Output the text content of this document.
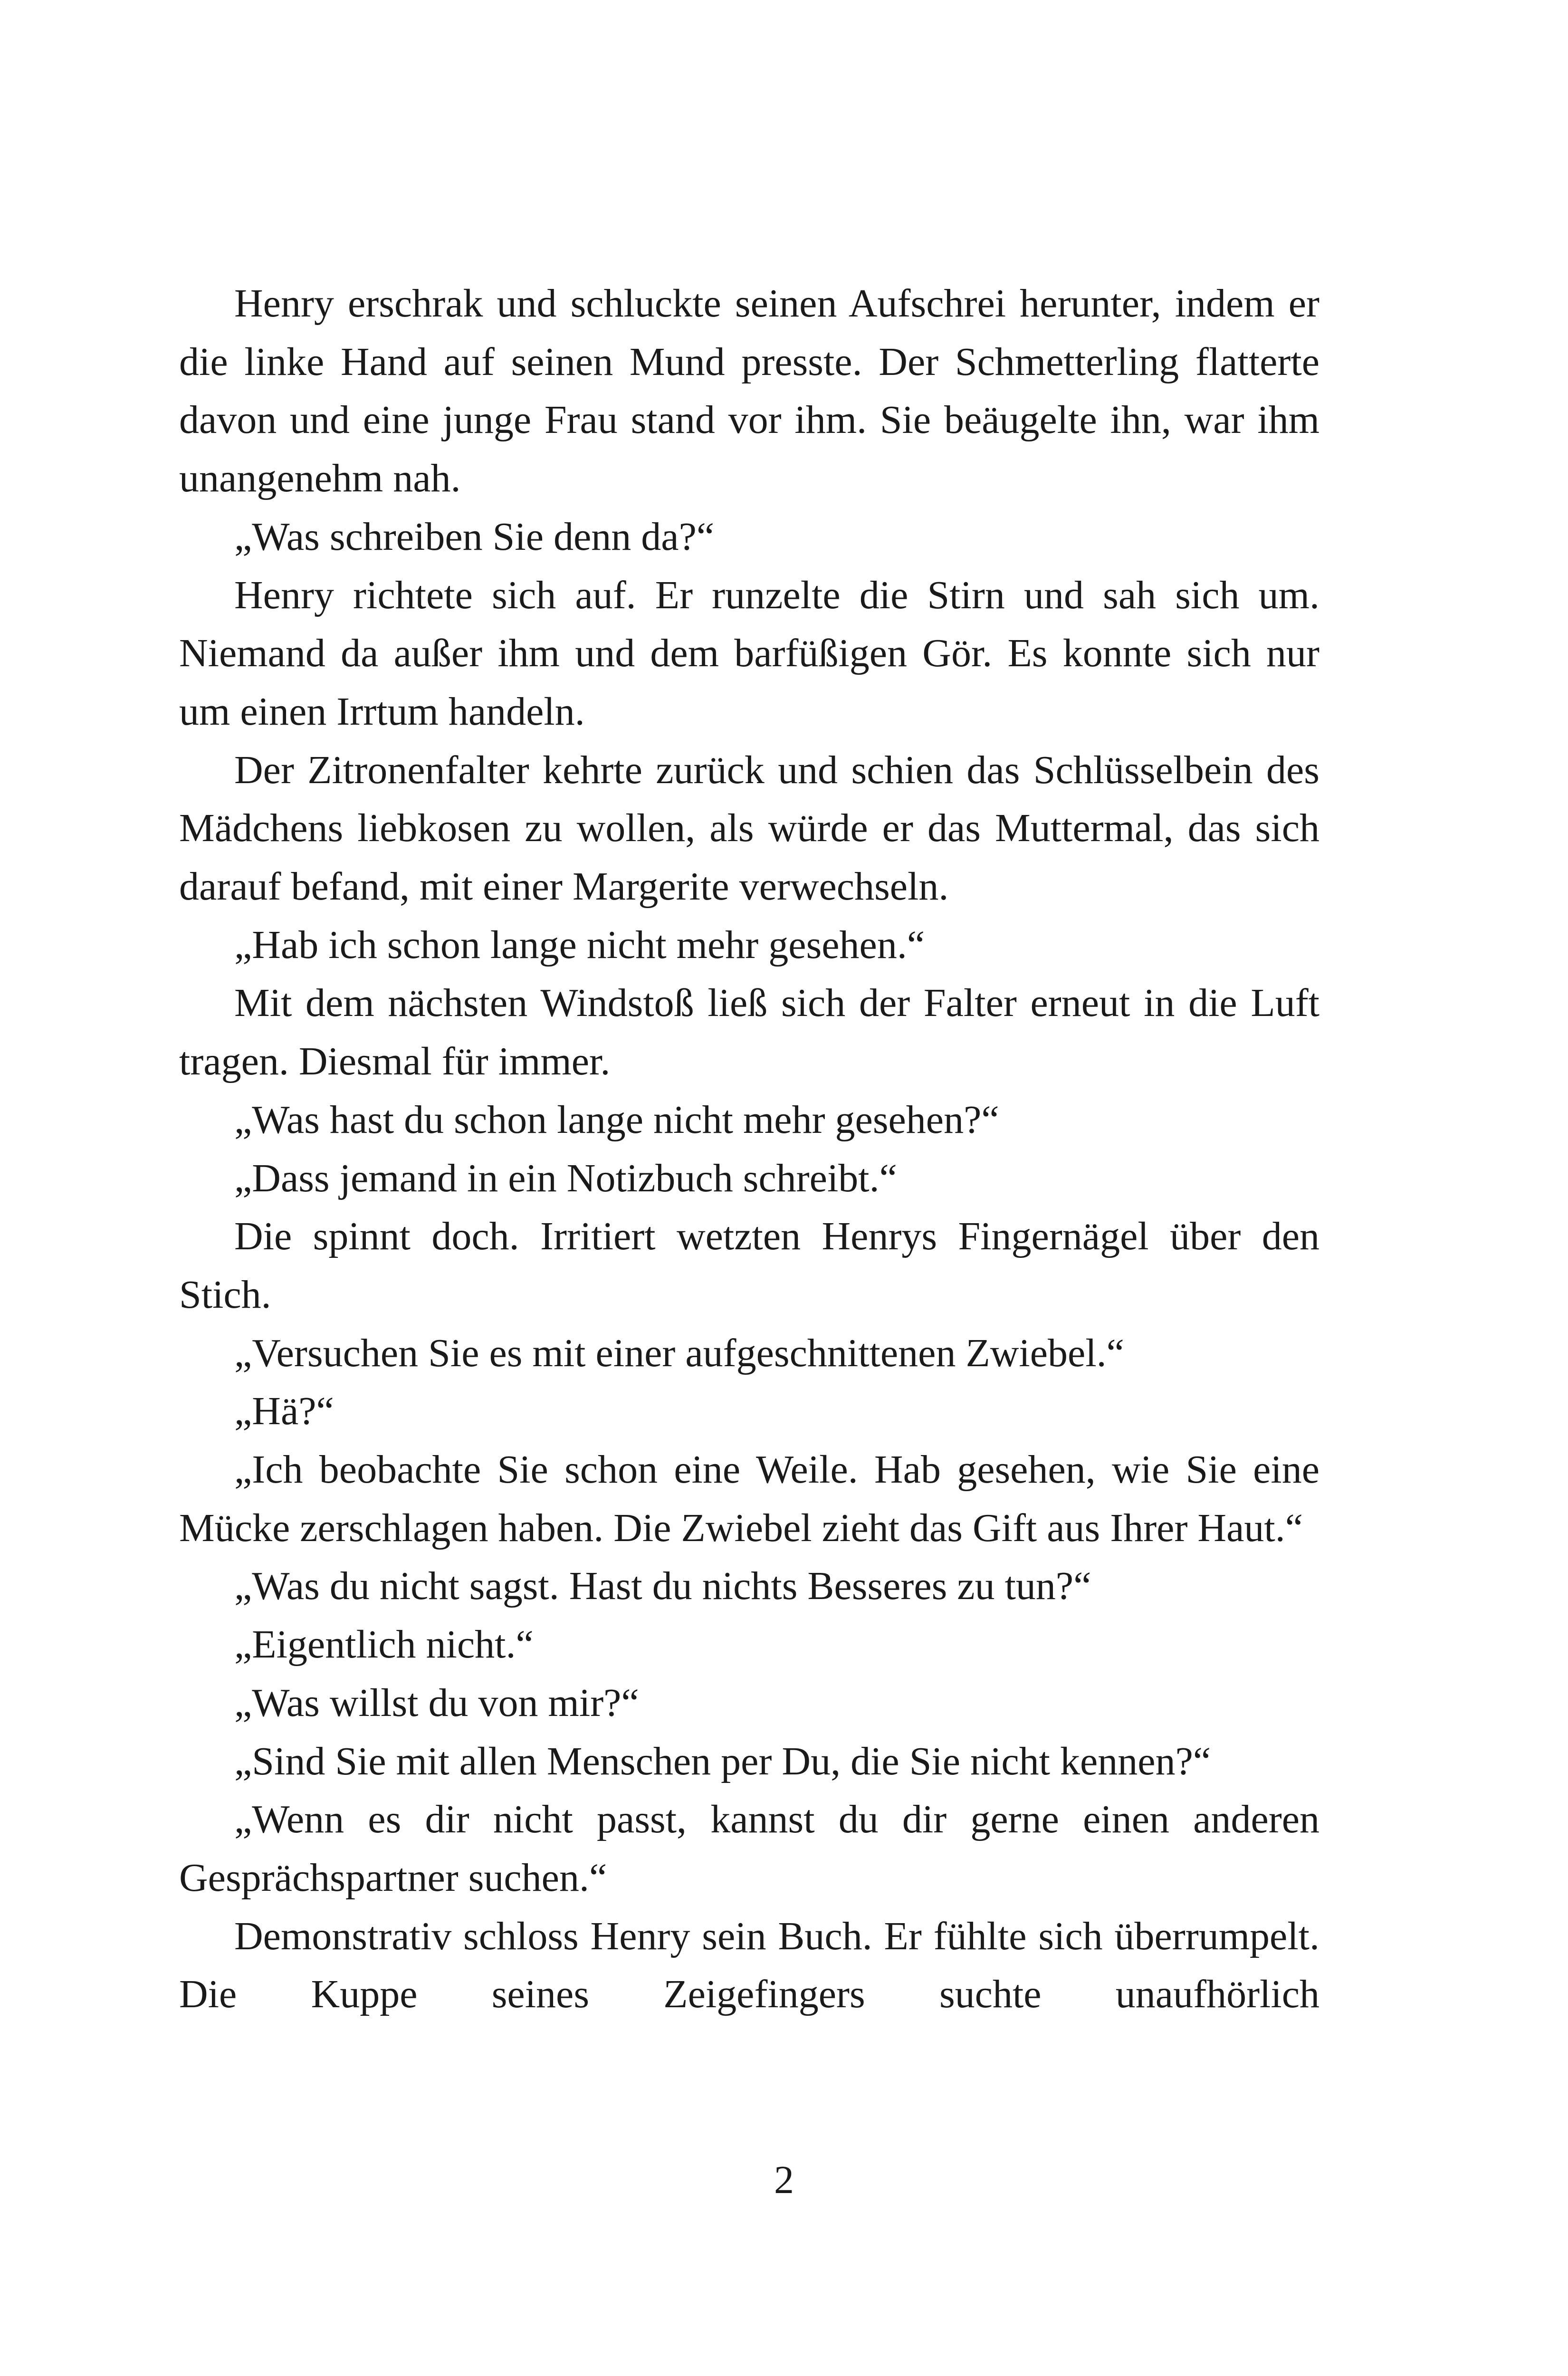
Henry erschrak und schluckte seinen Aufschrei herunter, indem er die linke Hand auf seinen Mund presste. Der Schmetterling flatterte davon und eine junge Frau stand vor ihm. Sie beäugelte ihn, war ihm unangenehm nah.

„Was schreiben Sie denn da?“

Henry richtete sich auf. Er runzelte die Stirn und sah sich um. Niemand da außer ihm und dem barfüßigen Gör. Es konnte sich nur um einen Irrtum handeln.

Der Zitronenfalter kehrte zurück und schien das Schlüsselbein des Mädchens liebkosen zu wollen, als würde er das Muttermal, das sich darauf befand, mit einer Margerite verwechseln.

„Hab ich schon lange nicht mehr gesehen.“

Mit dem nächsten Windstoß ließ sich der Falter erneut in die Luft tragen. Diesmal für immer.

„Was hast du schon lange nicht mehr gesehen?“

„Dass jemand in ein Notizbuch schreibt.“

Die spinnt doch. Irritiert wetzten Henrys Fingernägel über den Stich.

„Versuchen Sie es mit einer aufgeschnittenen Zwiebel.“

„Hä?“

„Ich beobachte Sie schon eine Weile. Hab gesehen, wie Sie eine Mücke zerschlagen haben. Die Zwiebel zieht das Gift aus Ihrer Haut.“

„Was du nicht sagst. Hast du nichts Besseres zu tun?“

„Eigentlich nicht.“

„Was willst du von mir?“

„Sind Sie mit allen Menschen per Du, die Sie nicht kennen?“

„Wenn es dir nicht passt, kannst du dir gerne einen anderen Gesprächspartner suchen.“

Demonstrativ schloss Henry sein Buch. Er fühlte sich überrumpelt. Die Kuppe seines Zeigefingers suchte unaufhörlich

2
